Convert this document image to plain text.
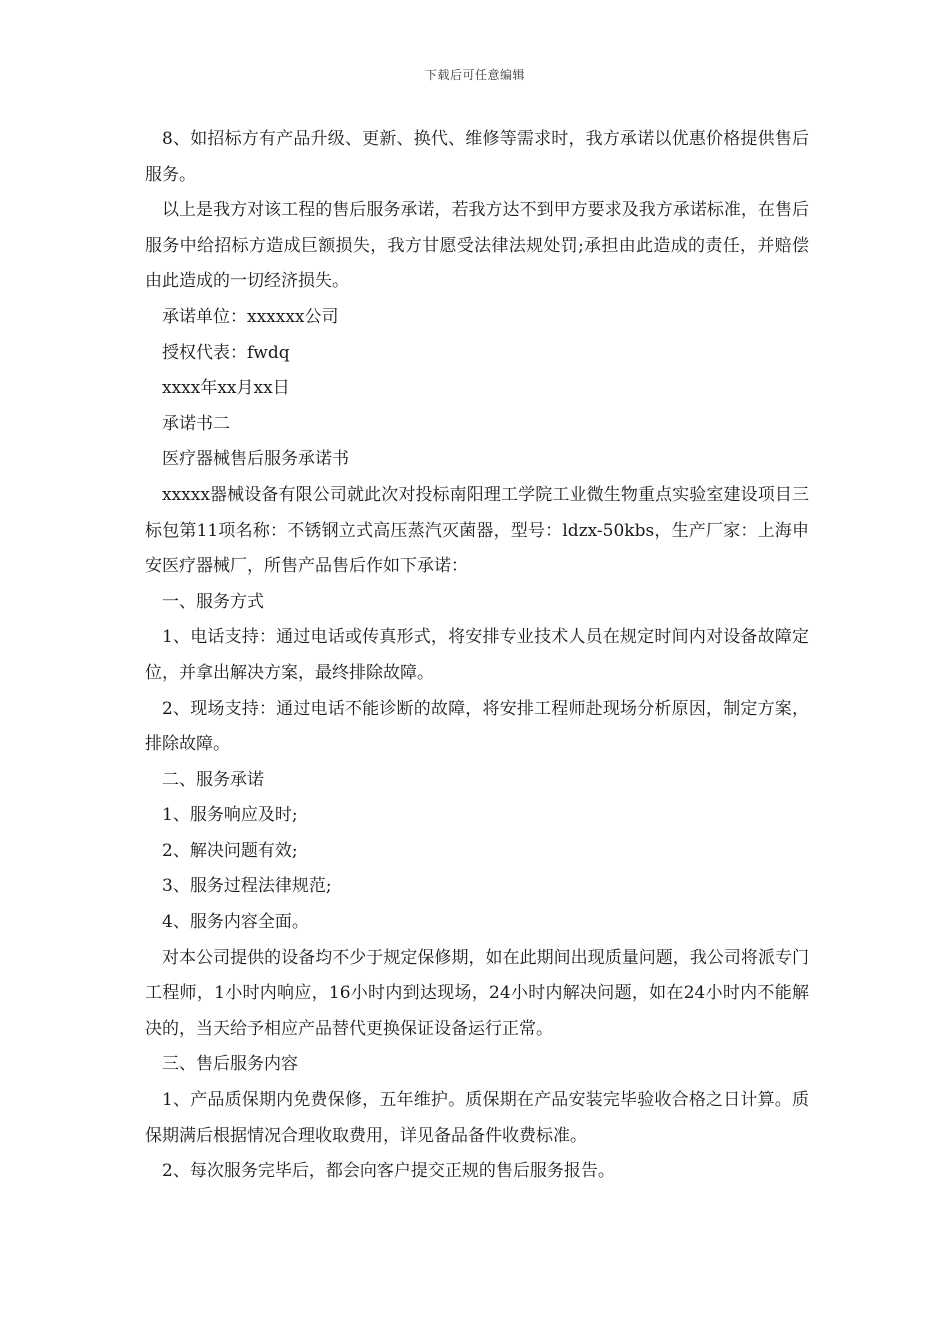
下载后可任意编辑

8、如招标方有产品升级、更新、换代、维修等需求时，我方承诺以优惠价格提供售后服务。

以上是我方对该工程的售后服务承诺，若我方达不到甲方要求及我方承诺标准，在售后服务中给招标方造成巨额损失，我方甘愿受法律法规处罚;承担由此造成的责任，并赔偿由此造成的一切经济损失。

承诺单位：xxxxxx公司

授权代表：fwdq

xxxx年xx月xx日

承诺书二

医疗器械售后服务承诺书

xxxxx器械设备有限公司就此次对投标南阳理工学院工业微生物重点实验室建设项目三标包第11项名称：不锈钢立式高压蒸汽灭菌器，型号：ldzx-50kbs，生产厂家：上海申安医疗器械厂，所售产品售后作如下承诺：

一、服务方式

1、电话支持：通过电话或传真形式，将安排专业技术人员在规定时间内对设备故障定位，并拿出解决方案，最终排除故障。

2、现场支持：通过电话不能诊断的故障，将安排工程师赴现场分析原因，制定方案，排除故障。

二、服务承诺

1、服务响应及时;

2、解决问题有效;

3、服务过程法律规范;

4、服务内容全面。

对本公司提供的设备均不少于规定保修期，如在此期间出现质量问题，我公司将派专门工程师，1小时内响应，16小时内到达现场，24小时内解决问题，如在24小时内不能解决的，当天给予相应产品替代更换保证设备运行正常。

三、售后服务内容

1、产品质保期内免费保修，五年维护。质保期在产品安装完毕验收合格之日计算。质保期满后根据情况合理收取费用，详见备品备件收费标准。

2、每次服务完毕后，都会向客户提交正规的售后服务报告。
